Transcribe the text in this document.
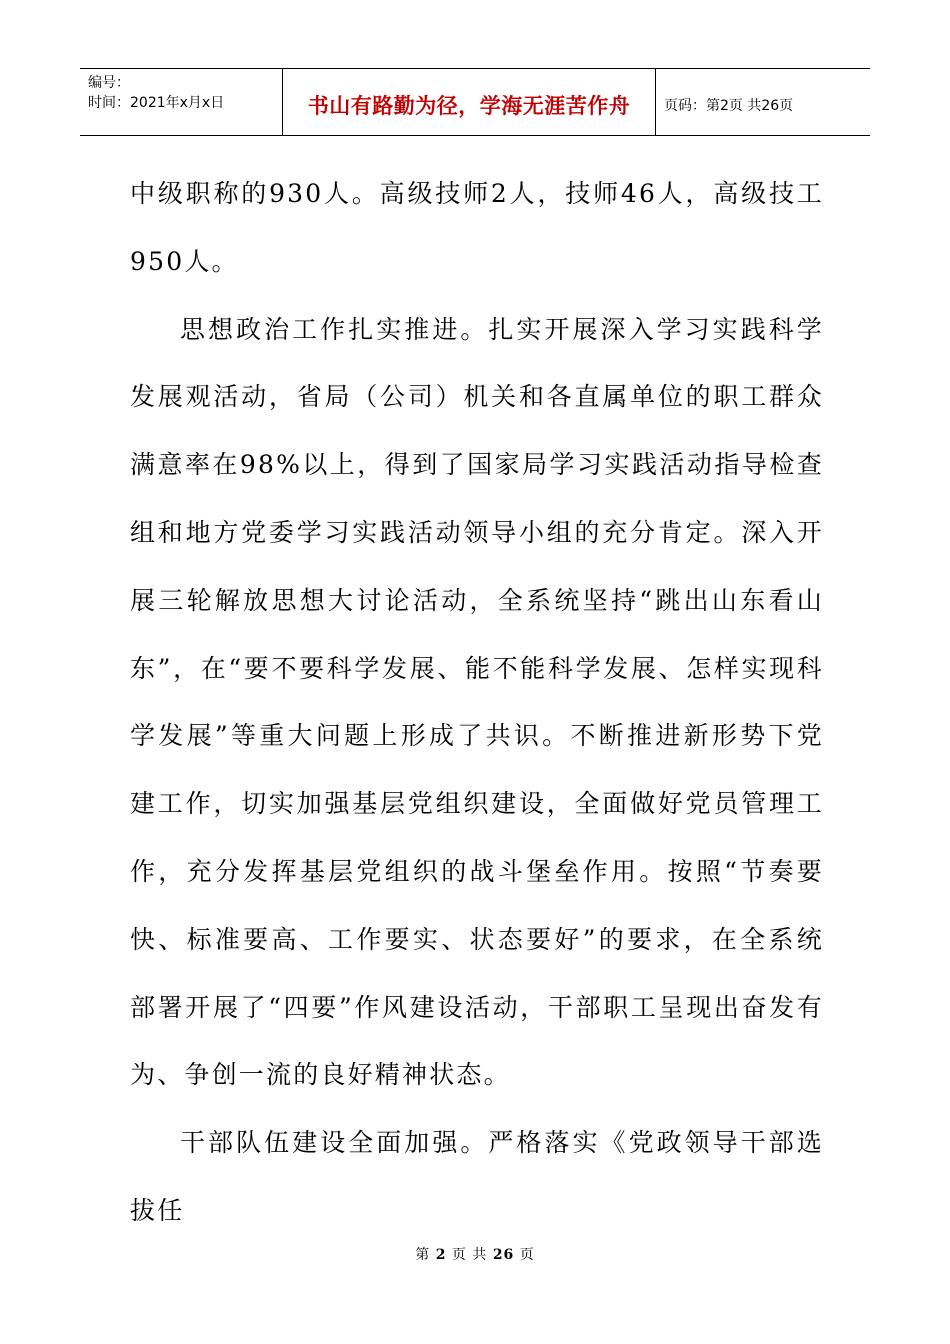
编号：
时间：2021年x月x日	书山有路勤为径，学海无涯苦作舟	页码：第2页 共26页

中级职称的930人。高级技师2人，技师46人，高级技工950人。

思想政治工作扎实推进。扎实开展深入学习实践科学发展观活动，省局（公司）机关和各直属单位的职工群众满意率在98%以上，得到了国家局学习实践活动指导检查组和地方党委学习实践活动领导小组的充分肯定。深入开展三轮解放思想大讨论活动，全系统坚持“跳出山东看山东”，在“要不要科学发展、能不能科学发展、怎样实现科学发展”等重大问题上形成了共识。不断推进新形势下党建工作，切实加强基层党组织建设，全面做好党员管理工作，充分发挥基层党组织的战斗堡垒作用。按照“节奏要快、标准要高、工作要实、状态要好”的要求，在全系统部署开展了“四要”作风建设活动，干部职工呈现出奋发有为、争创一流的良好精神状态。

干部队伍建设全面加强。严格落实《党政领导干部选拔任

第 2 页 共 26 页
